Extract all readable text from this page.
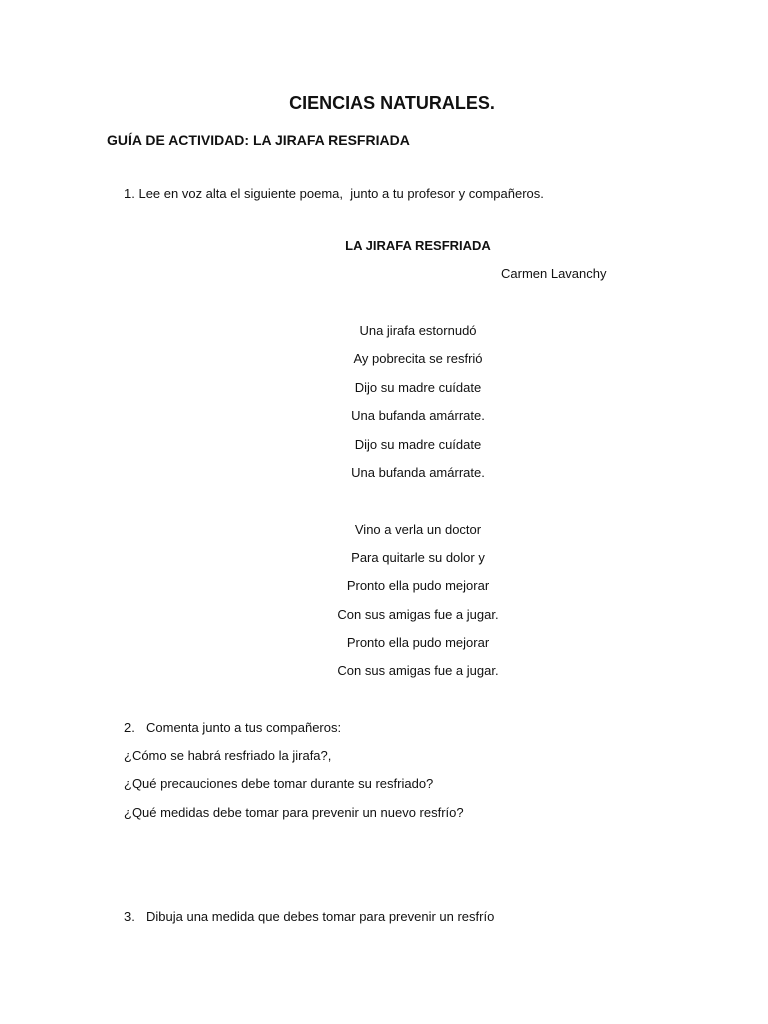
CIENCIAS NATURALES.
GUÍA DE ACTIVIDAD: LA JIRAFA RESFRIADA
1. Lee en voz alta el siguiente poema,  junto a tu profesor y compañeros.
LA JIRAFA RESFRIADA
Carmen Lavanchy
Una jirafa estornudó
Ay pobrecita se resfrió
Dijo su madre cuídate
Una bufanda amárrate.
Dijo su madre cuídate
Una bufanda amárrate.
Vino a verla un doctor
Para quitarle su dolor y
Pronto ella pudo mejorar
Con sus amigas fue a jugar.
Pronto ella pudo mejorar
Con sus amigas fue a jugar.
2. Comenta junto a tus compañeros:
¿Cómo se habrá resfriado la jirafa?,
¿Qué precauciones debe tomar durante su resfriado?
¿Qué medidas debe tomar para prevenir un nuevo resfrío?
3. Dibuja una medida que debes tomar para prevenir un resfrío
